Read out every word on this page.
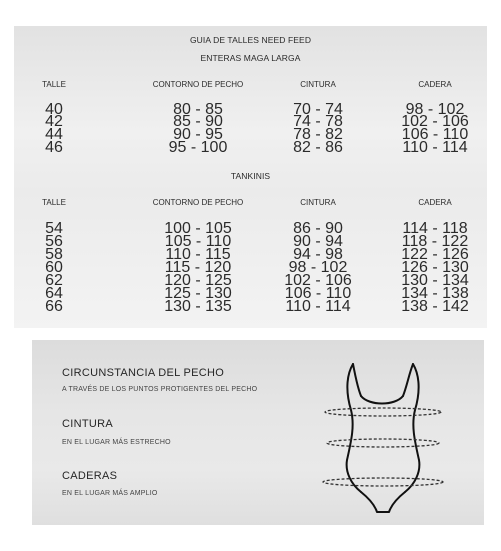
GUIA DE TALLES NEED FEED
ENTERAS MAGA LARGA
TALLE	CONTORNO DE PECHO	CINTURA	CADERA
40	80 - 85	70 - 74	98 - 102
42	85 - 90	74 - 78	102 - 106
44	90 - 95	78 - 82	106 - 110
46	95 - 100	82 - 86	110 - 114
TANKINIS
TALLE	CONTORNO DE PECHO	CINTURA	CADERA
54	100 - 105	86 - 90	114 - 118
56	105 - 110	90 - 94	118 - 122
58	110 - 115	94 - 98	122 - 126
60	115 - 120	98 - 102	126 - 130
62	120 - 125	102 - 106	130 - 134
64	125 - 130	106 - 110	134 - 138
66	130 - 135	110 - 114	138 - 142
CIRCUNSTANCIA DEL PECHO
A TRAVÉS DE LOS PUNTOS PROTIGENTES DEL PECHO
CINTURA
EN EL LUGAR MÁS ESTRECHO
CADERAS
EN EL LUGAR MÁS AMPLIO
